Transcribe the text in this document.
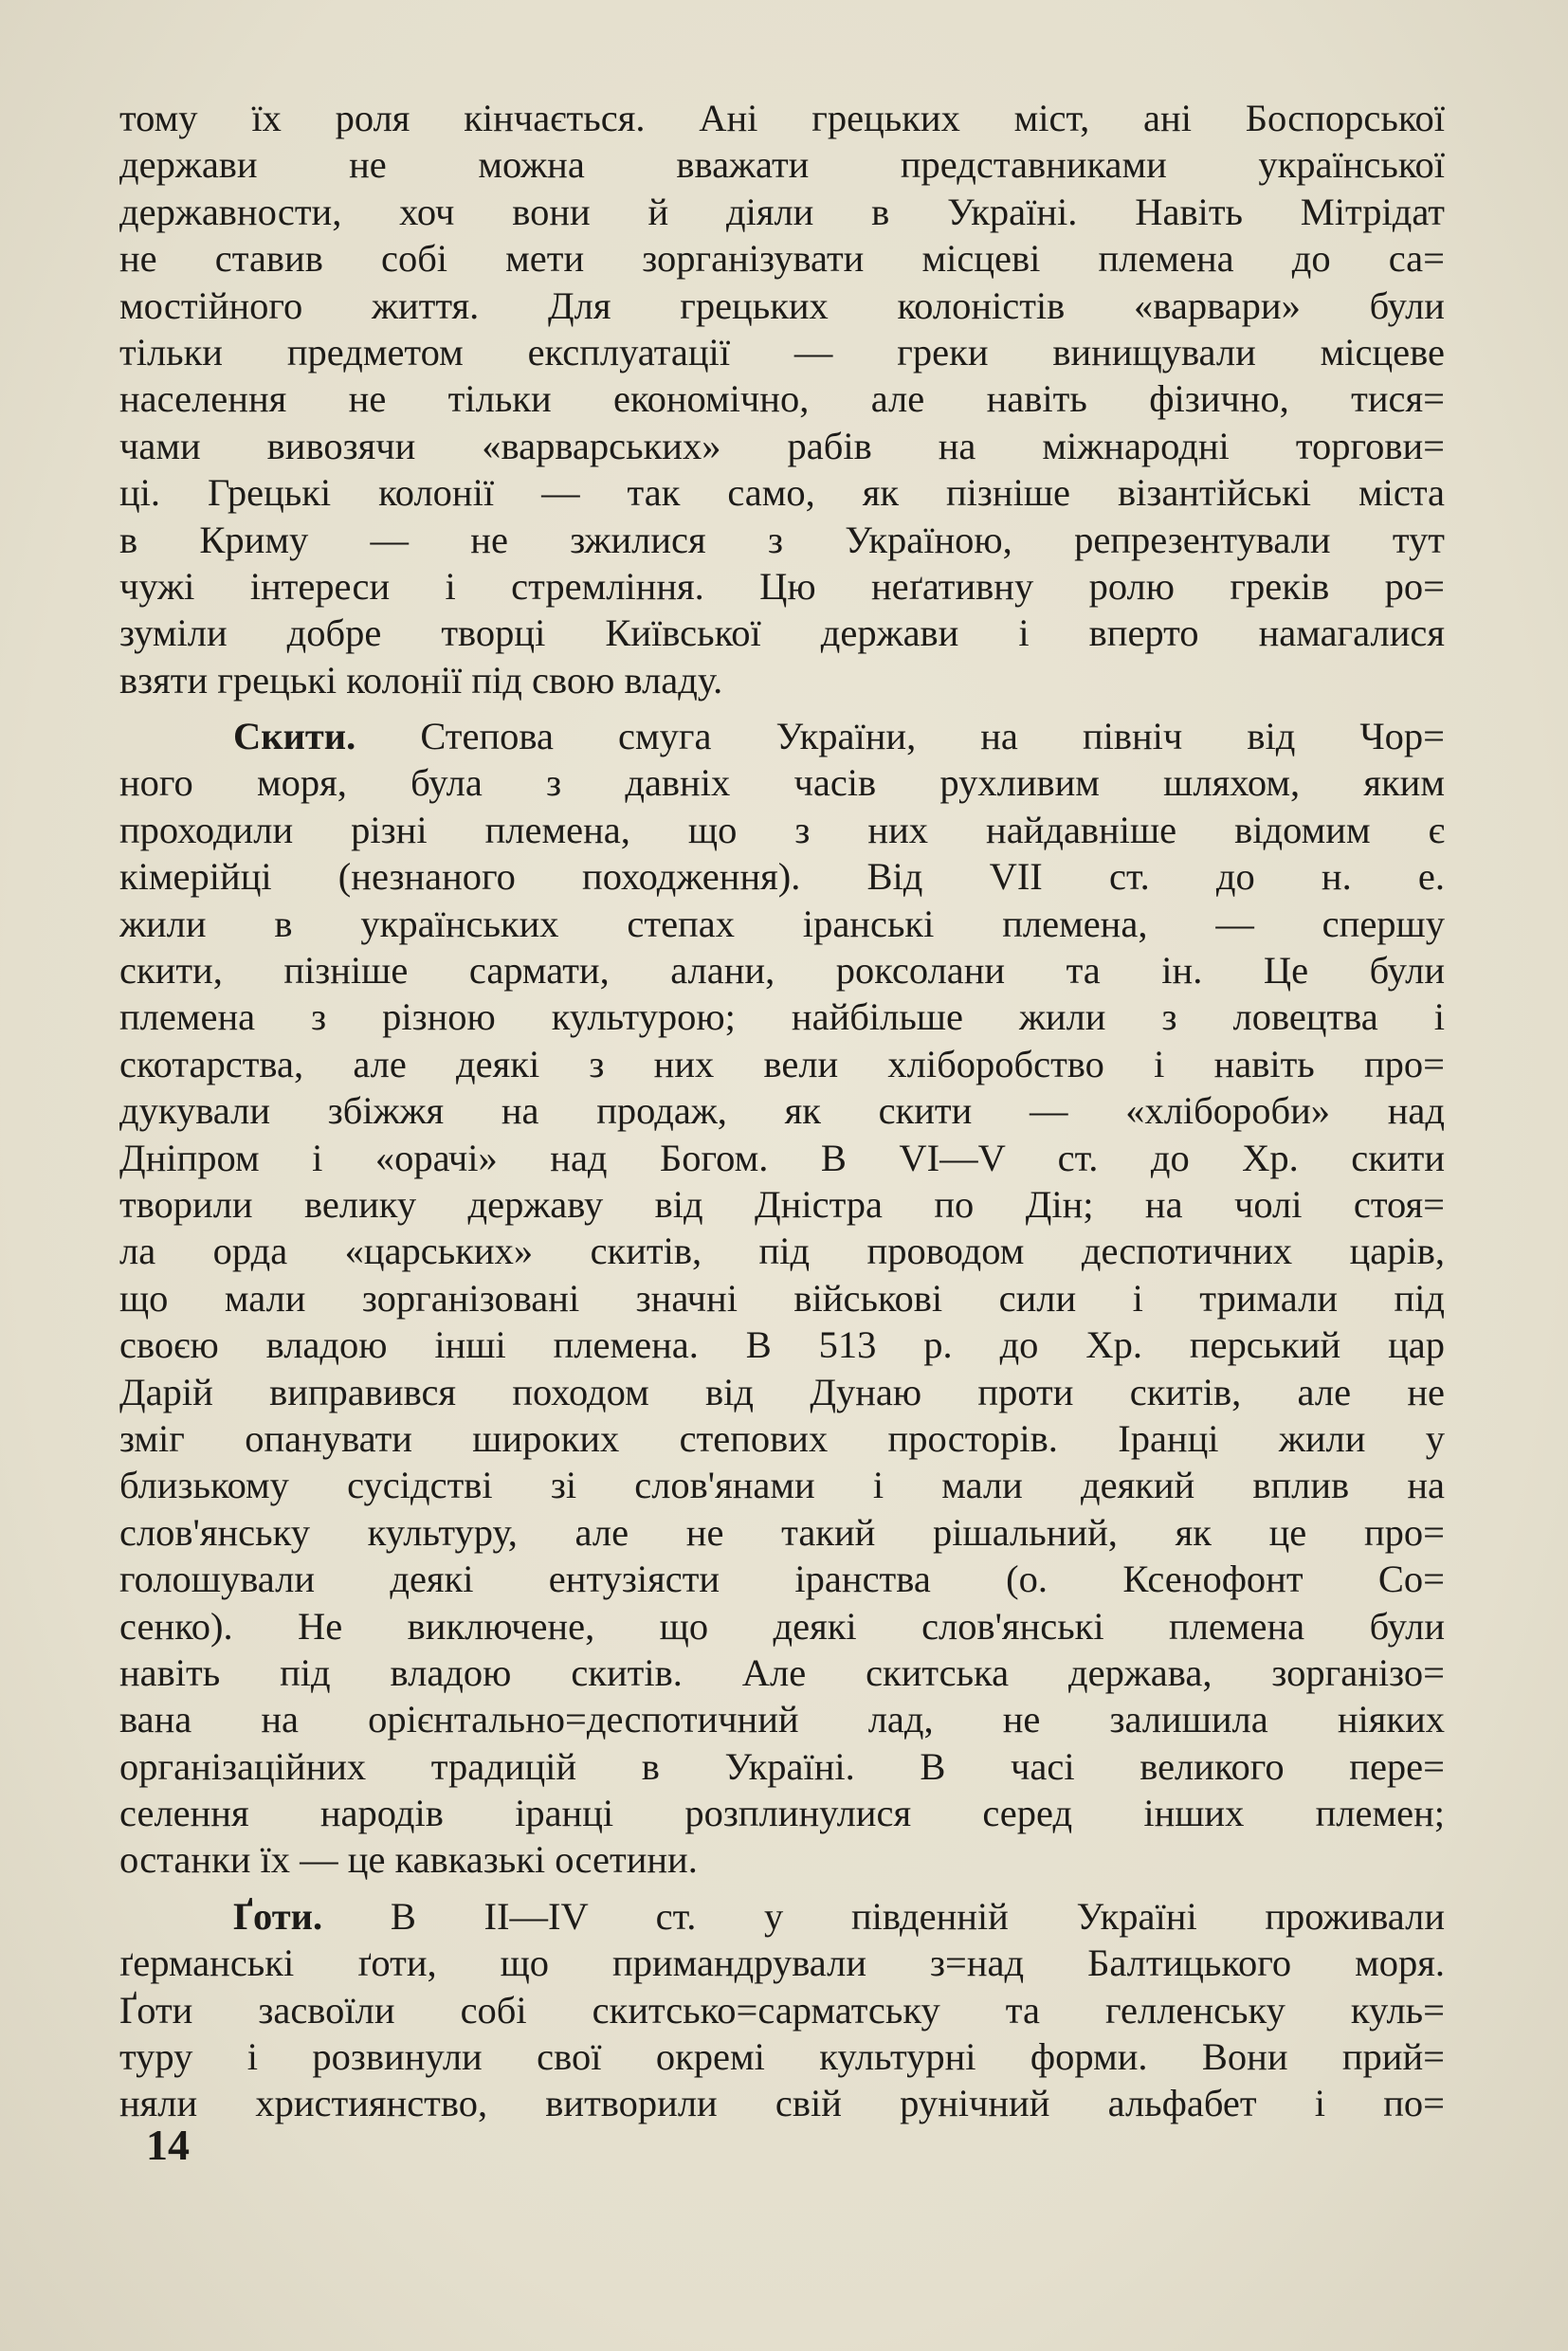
тому їх роля кінчається. Ані грецьких міст, ані Боспорської
держави не можна вважати представниками української
державности, хоч вони й діяли в Україні. Навіть Мітрідат
не ставив собі мети зорганізувати місцеві племена до са=
мостійного життя. Для грецьких колоністів «варвари» були
тільки предметом експлуатації — греки винищували місцеве
населення не тільки економічно, але навіть фізично, тися=
чами вивозячи «варварських» рабів на міжнародні торгови=
ці. Грецькі колонії — так само, як пізніше візантійські міста
в Криму — не зжилися з Україною, репрезентували тут
чужі інтереси і стремління. Цю неґативну ролю греків ро=
зуміли добре творці Київської держави і вперто намагалися
взяти грецькі колонії під свою владу.
Скити. Степова смуга України, на північ від Чор=
ного моря, була з давніх часів рухливим шляхом, яким
проходили різні племена, що з них найдавніше відомим є
кімерійці (незнаного походження). Від VII ст. до н. е.
жили в українських степах іранські племена, — спершу
скити, пізніше сармати, алани, роксолани та ін. Це були
племена з різною культурою; найбільше жили з ловецтва і
скотарства, але деякі з них вели хліборобство і навіть про=
дукували збіжжя на продаж, як скити — «хлібороби» над
Дніпром і «орачі» над Богом. В VI—V ст. до Хр. скити
творили велику державу від Дністра по Дін; на чолі стоя=
ла орда «царських» скитів, під проводом деспотичних царів,
що мали зорганізовані значні військові сили і тримали під
своєю владою інші племена. В 513 р. до Хр. перський цар
Дарій виправився походом від Дунаю проти скитів, але не
зміг опанувати широких степових просторів. Іранці жили у
близькому сусідстві зі слов'янами і мали деякий вплив на
слов'янську культуру, але не такий рішальний, як це про=
голошували деякі ентузіясти іранства (о. Ксенофонт Со=
сенко). Не виключене, що деякі слов'янські племена були
навіть під владою скитів. Але скитська держава, зорганізо=
вана на орієнтально=деспотичний лад, не залишила ніяких
організаційних традицій в Україні. В часі великого пере=
селення народів іранці розплинулися серед інших племен;
останки їх — це кавказькі осетини.
Ґоти. В II—IV ст. у південній Україні проживали
ґерманські ґоти, що примандрували з=над Балтицького моря.
Ґоти засвоїли собі скитсько=сарматську та гелленську куль=
туру і розвинули свої окремі культурні форми. Вони прий=
няли християнство, витворили свій рунічний альфабет і по=
14
